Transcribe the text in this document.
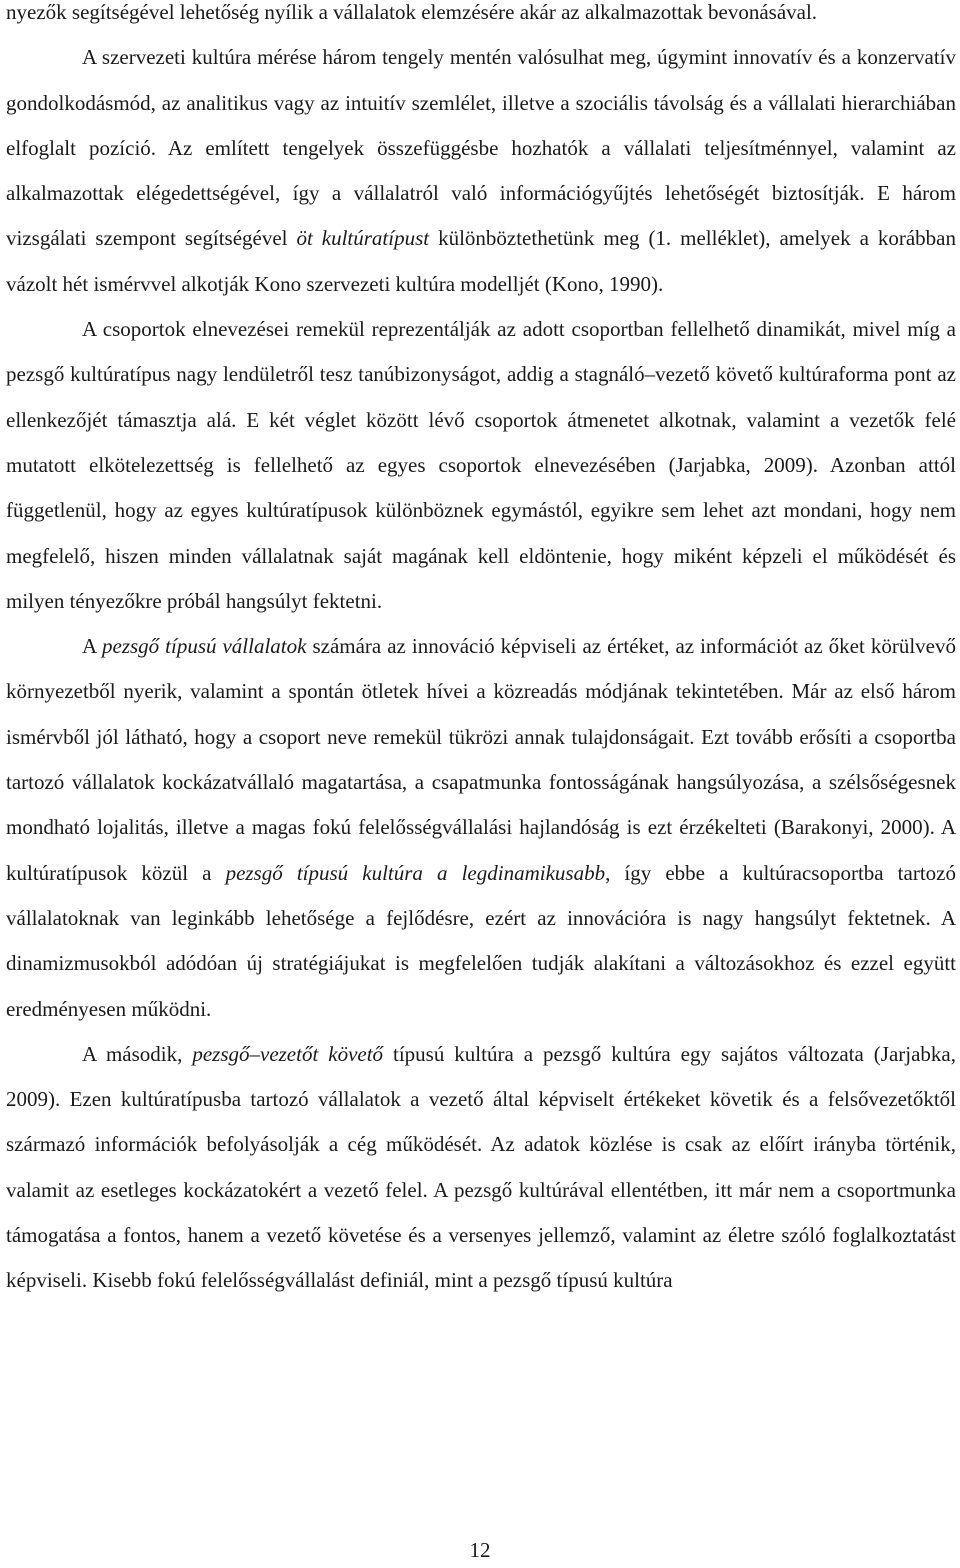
nyezők segítségével lehetőség nyílik a vállalatok elemzésére akár az alkalmazottak bevonásával.

A szervezeti kultúra mérése három tengely mentén valósulhat meg, úgymint innovatív és a konzervatív gondolkodásmód, az analitikus vagy az intuitív szemlélet, illetve a szociális távolság és a vállalati hierarchiában elfoglalt pozíció. Az említett tengelyek összefüggésbe hozhatók a vállalati teljesítménnyel, valamint az alkalmazottak elégedettségével, így a vállalatról való információgyűjtés lehetőségét biztosítják. E három vizsgálati szempont segítségével öt kultúratípust különböztethetünk meg (1. melléklet), amelyek a korábban vázolt hét ismérvvel alkotják Kono szervezeti kultúra modelljét (Kono, 1990).

A csoportok elnevezései remekül reprezentálják az adott csoportban fellelhető dinamikát, mivel míg a pezsgő kultúratípus nagy lendületről tesz tanúbizonyságot, addig a stagnáló–vezető követő kultúraforma pont az ellenkezőjét támasztja alá. E két véglet között lévő csoportok átmenetet alkotnak, valamint a vezetők felé mutatott elkötelezettség is fellelhető az egyes csoportok elnevezésében (Jarjabka, 2009). Azonban attól függetlenül, hogy az egyes kultúratípusok különböznek egymástól, egyikre sem lehet azt mondani, hogy nem megfelelő, hiszen minden vállalatnak saját magának kell eldöntenie, hogy miként képzeli el működését és milyen tényezőkre próbál hangsúlyt fektetni.

A pezsgő típusú vállalatok számára az innováció képviseli az értéket, az információt az őket körülvevő környezetből nyerik, valamint a spontán ötletek hívei a közreadás módjának tekintetében. Már az első három ismérvből jól látható, hogy a csoport neve remekül tükrözi annak tulajdonságait. Ezt tovább erősíti a csoportba tartozó vállalatok kockázatvállaló magatartása, a csapatmunka fontosságának hangsúlyozása, a szélsőségesnek mondható lojalitás, illetve a magas fokú felelősségvállalási hajlandóság is ezt érzékelteti (Barakonyi, 2000). A kultúratípusok közül a pezsgő típusú kultúra a legdinamikusabb, így ebbe a kultúracsoportba tartozó vállalatoknak van leginkább lehetősége a fejlődésre, ezért az innovációra is nagy hangsúlyt fektetnek. A dinamizmusokból adódóan új stratégiájukat is megfelelően tudják alakítani a változásokhoz és ezzel együtt eredményesen működni.

A második, pezsgő–vezetőt követő típusú kultúra a pezsgő kultúra egy sajátos változata (Jarjabka, 2009). Ezen kultúratípusba tartozó vállalatok a vezető által képviselt értékeket követik és a felsővezetőktől származó információk befolyásolják a cég működését. Az adatok közlése is csak az előírt irányba történik, valamit az esetleges kockázatokért a vezető felel. A pezsgő kultúrával ellentétben, itt már nem a csoportmunka támogatása a fontos, hanem a vezető követése és a versenyes jellemző, valamint az életre szóló foglalkoztatást képviseli. Kisebb fokú felelősségvállalást definiál, mint a pezsgő típusú kultúra

12
